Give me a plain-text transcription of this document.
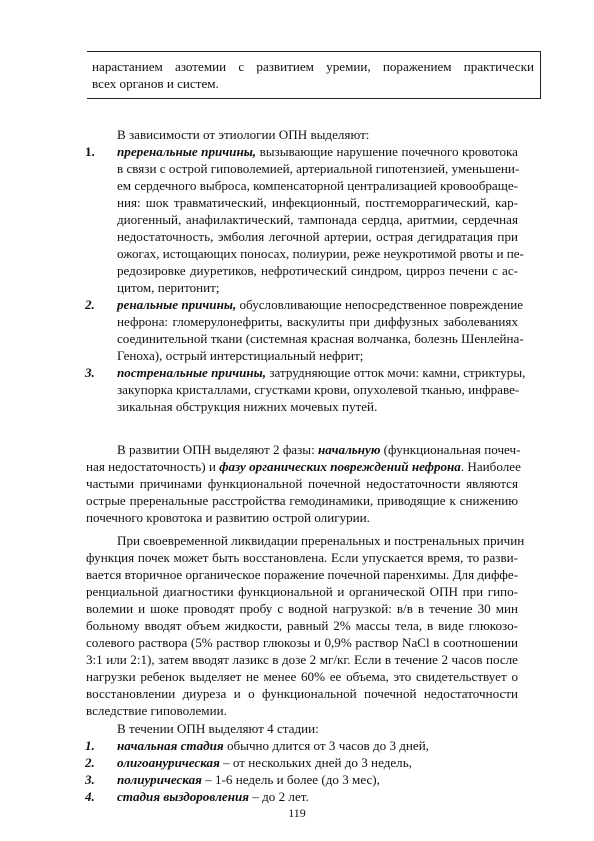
нарастанием азотемии с развитием уремии, поражением практически
всех органов и систем.
В зависимости от этиологии ОПН выделяют:
1. преренальные причины, вызывающие нарушение почечного кровотока
в связи с острой гиповолемией, артериальной гипотензией, уменьшени-
ем сердечного выброса, компенсаторной централизацией кровообраще-
ния: шок травматический, инфекционный, постгеморрагический, кар-
диогенный, анафилактический, тампонада сердца, аритмии, сердечная
недостаточность, эмболия легочной артерии, острая дегидратация при
ожогах, истощающих поносах, полиурии, реже неукротимой рвоты и пе-
редозировке диуретиков, нефротический синдром, цирроз печени с ас-
цитом, перитонит;
2. ренальные причины, обусловливающие непосредственное повреждение
нефрона: гломерулонефриты, васкулиты при диффузных заболеваниях
соединительной ткани (системная красная волчанка, болезнь Шенлейна-
Геноха), острый интерстициальный нефрит;
3. постренальные причины, затрудняющие отток мочи: камни, стриктуры,
закупорка кристаллами, сгустками крови, опухолевой тканью, инфраве-
зикальная обструкция нижних мочевых путей.
В развитии ОПН выделяют 2 фазы: начальную (функциональная почеч-
ная недостаточность) и фазу органических повреждений нефрона. Наиболее
частыми причинами функциональной почечной недостаточности являются
острые преренальные расстройства гемодинамики, приводящие к снижению
почечного кровотока и развитию острой олигурии.
При своевременной ликвидации преренальных и постренальных причин
функция почек может быть восстановлена. Если упускается время, то разви-
вается вторичное органическое поражение почечной паренхимы. Для диффе-
ренциальной диагностики функциональной и органической ОПН при гипо-
волемии и шоке проводят пробу с водной нагрузкой: в/в в течение 30 мин
больному вводят объем жидкости, равный 2% массы тела, в виде глюкозо-
солевого раствора (5% раствор глюкозы и 0,9% раствор NaCl в соотношении
3:1 или 2:1), затем вводят лазикс в дозе 2 мг/кг. Если в течение 2 часов после
нагрузки ребенок выделяет не менее 60% ее объема, это свидетельствует о
восстановлении диуреза и о функциональной почечной недостаточности
вследствие гиповолемии.
В течении ОПН выделяют 4 стадии:
1. начальная стадия обычно длится от 3 часов до 3 дней,
2. олигоанурическая – от нескольких дней до 3 недель,
3. полиурическая – 1-6 недель и более (до 3 мес),
4. стадия выздоровления – до 2 лет.
119
